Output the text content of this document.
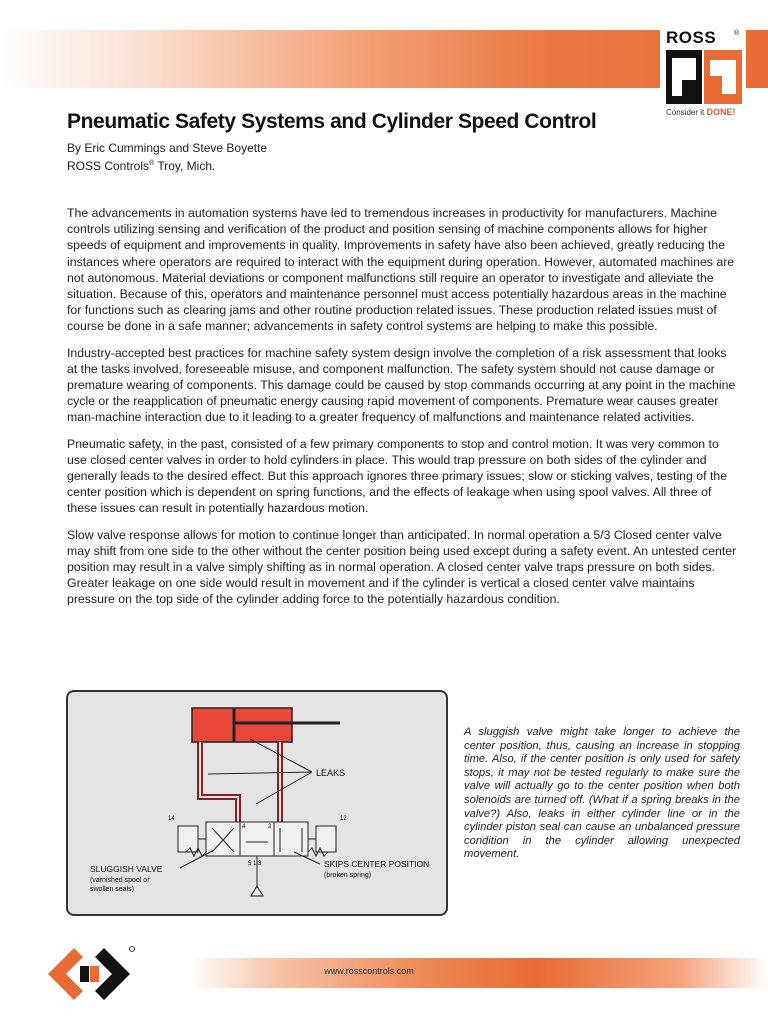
ROSS	®
Consider it DONE!
Pneumatic Safety Systems and Cylinder Speed Control
By Eric Cummings and Steve Boyette
ROSS Controls® Troy, Mich.

The advancements in automation systems have led to tremendous increases in productivity for manufacturers. Machine controls utilizing sensing and verification of the product and position sensing of machine components allows for higher speeds of equipment and improvements in quality. Improvements in safety have also been achieved, greatly reducing the instances where operators are required to interact with the equipment during operation. However, automated machines are not autonomous. Material deviations or component malfunctions still require an operator to investigate and alleviate the situation. Because of this, operators and maintenance personnel must access potentially hazardous areas in the machine for functions such as clearing jams and other routine production related issues. These production related issues must of course be done in a safe manner; advancements in safety control systems are helping to make this possible.

Industry-accepted best practices for machine safety system design involve the completion of a risk assessment that looks at the tasks involved, foreseeable misuse, and component malfunction. The safety system should not cause damage or premature wearing of components. This damage could be caused by stop commands occurring at any point in the machine cycle or the reapplication of pneumatic energy causing rapid movement of components. Premature wear causes greater man-machine interaction due to it leading to a greater frequency of malfunctions and maintenance related activities.

Pneumatic safety, in the past, consisted of a few primary components to stop and control motion. It was very common to use closed center valves in order to hold cylinders in place. This would trap pressure on both sides of the cylinder and generally leads to the desired effect. But this approach ignores three primary issues; slow or sticking valves, testing of the center position which is dependent on spring functions, and the effects of leakage when using spool valves. All three of these issues can result in potentially hazardous motion.

Slow valve response allows for motion to continue longer than anticipated. In normal operation a 5/3 Closed center valve may shift from one side to the other without the center position being used except during a safety event. An untested center position may result in a valve simply shifting as in normal operation. A closed center valve traps pressure on both sides. Greater leakage on one side would result in movement and if the cylinder is vertical a closed center valve maintains pressure on the top side of the cylinder adding force to the potentially hazardous condition.

LEAKS
14	12
4	2
5 1 3
SLUGGISH VALVE
(varnished spool or
swollen seals)
SKIPS CENTER POSITION
(broken spring)
A sluggish valve might take longer to achieve the center position, thus, causing an increase in stopping time. Also, if the center position is only used for safety stops, it may not be tested regularly to make sure the valve will actually go to the center position when both solenoids are turned off. (What if a spring breaks in the valve?) Also, leaks in either cylinder line or in the cylinder piston seal can cause an unbalanced pressure condition in the cylinder allowing unexpected movement.
www.rosscontrols.com
